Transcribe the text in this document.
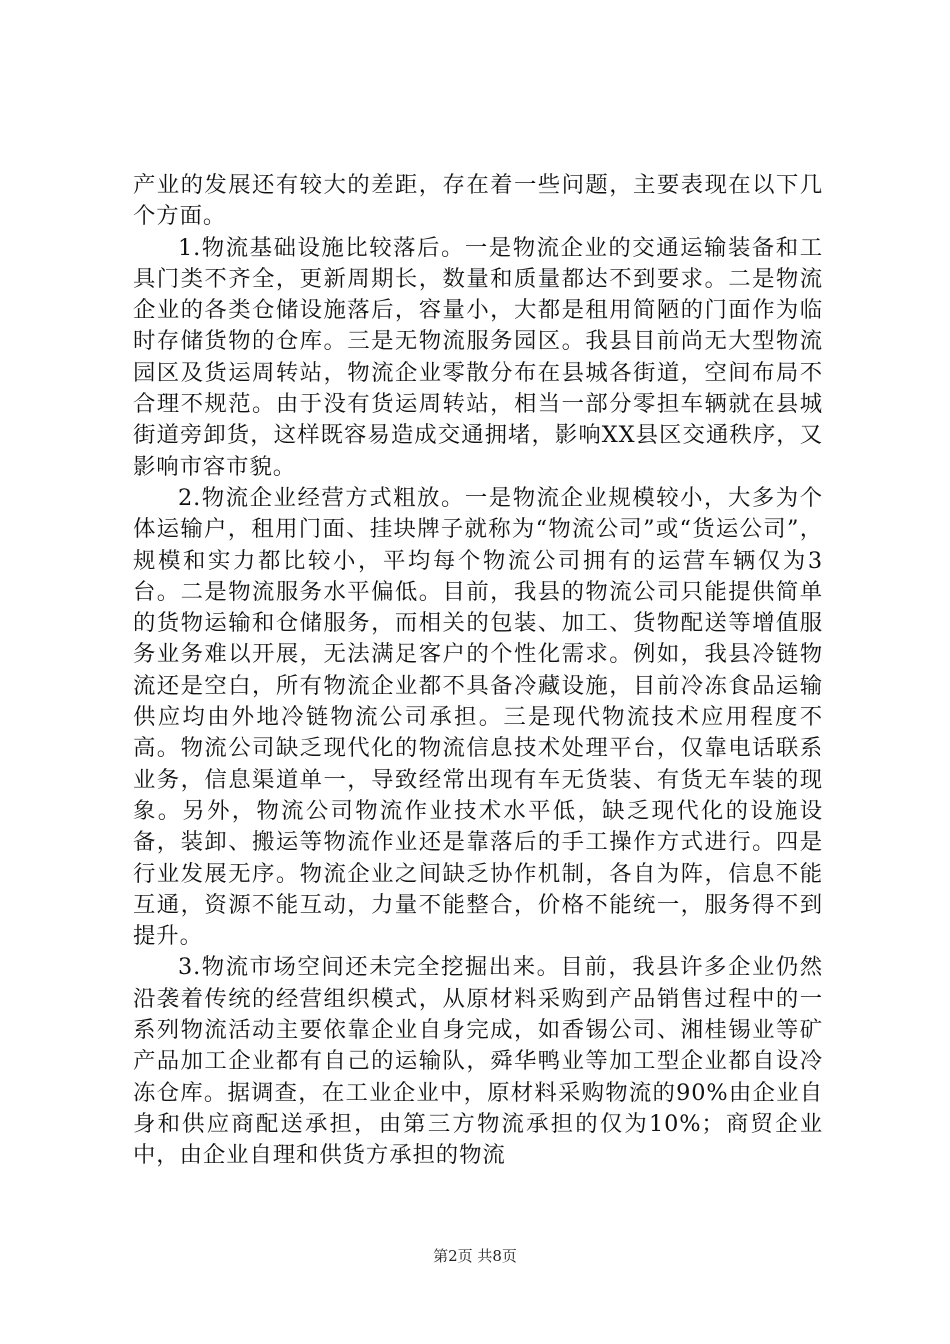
产业的发展还有较大的差距，存在着一些问题，主要表现在以下几个方面。

1.物流基础设施比较落后。一是物流企业的交通运输装备和工具门类不齐全，更新周期长，数量和质量都达不到要求。二是物流企业的各类仓储设施落后，容量小，大都是租用简陋的门面作为临时存储货物的仓库。三是无物流服务园区。我县目前尚无大型物流园区及货运周转站，物流企业零散分布在县城各街道，空间布局不合理不规范。由于没有货运周转站，相当一部分零担车辆就在县城街道旁卸货，这样既容易造成交通拥堵，影响XX县区交通秩序，又影响市容市貌。

2.物流企业经营方式粗放。一是物流企业规模较小，大多为个体运输户，租用门面、挂块牌子就称为“物流公司”或“货运公司”，规模和实力都比较小，平均每个物流公司拥有的运营车辆仅为3台。二是物流服务水平偏低。目前，我县的物流公司只能提供简单的货物运输和仓储服务，而相关的包装、加工、货物配送等增值服务业务难以开展，无法满足客户的个性化需求。例如，我县冷链物流还是空白，所有物流企业都不具备冷藏设施，目前冷冻食品运输供应均由外地冷链物流公司承担。三是现代物流技术应用程度不高。物流公司缺乏现代化的物流信息技术处理平台，仅靠电话联系业务，信息渠道单一，导致经常出现有车无货装、有货无车装的现象。另外，物流公司物流作业技术水平低，缺乏现代化的设施设备，装卸、搬运等物流作业还是靠落后的手工操作方式进行。四是行业发展无序。物流企业之间缺乏协作机制，各自为阵，信息不能互通，资源不能互动，力量不能整合，价格不能统一，服务得不到提升。

3.物流市场空间还未完全挖掘出来。目前，我县许多企业仍然沿袭着传统的经营组织模式，从原材料采购到产品销售过程中的一系列物流活动主要依靠企业自身完成，如香锡公司、湘桂锡业等矿产品加工企业都有自己的运输队，舜华鸭业等加工型企业都自设冷冻仓库。据调查，在工业企业中，原材料采购物流的90%由企业自身和供应商配送承担，由第三方物流承担的仅为10%；商贸企业中，由企业自理和供货方承担的物流

第2页 共8页
